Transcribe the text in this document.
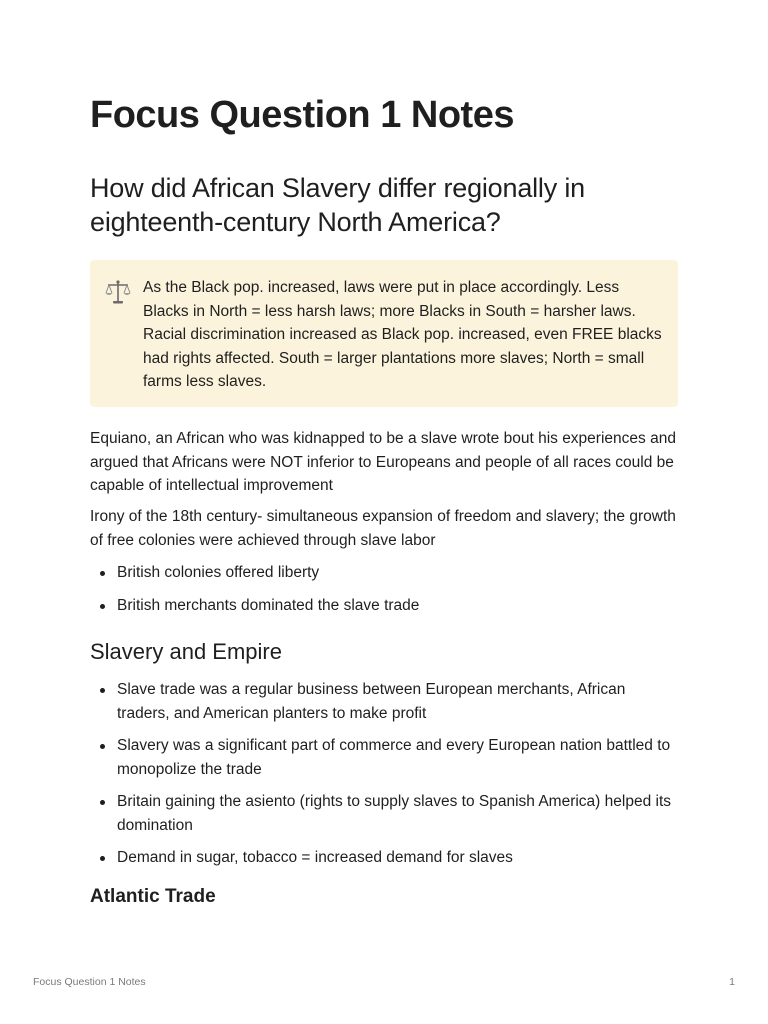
Focus Question 1 Notes
How did African Slavery differ regionally in eighteenth-century North America?
As the Black pop. increased, laws were put in place accordingly. Less Blacks in North = less harsh laws; more Blacks in South = harsher laws. Racial discrimination increased as Black pop. increased, even FREE blacks had rights affected. South = larger plantations more slaves; North = small farms less slaves.

Equiano, an African who was kidnapped to be a slave wrote bout his experiences and argued that Africans were NOT inferior to Europeans and people of all races could be capable of intellectual improvement

Irony of the 18th century- simultaneous expansion of freedom and slavery; the growth of free colonies were achieved through slave labor

British colonies offered liberty
British merchants dominated the slave trade
Slavery and Empire
Slave trade was a regular business between European merchants, African traders, and American planters to make profit
Slavery was a significant part of commerce and every European nation battled to monopolize the trade
Britain gaining the asiento (rights to supply slaves to Spanish America) helped its domination
Demand in sugar, tobacco = increased demand for slaves
Atlantic Trade
Focus Question 1 Notes	1
